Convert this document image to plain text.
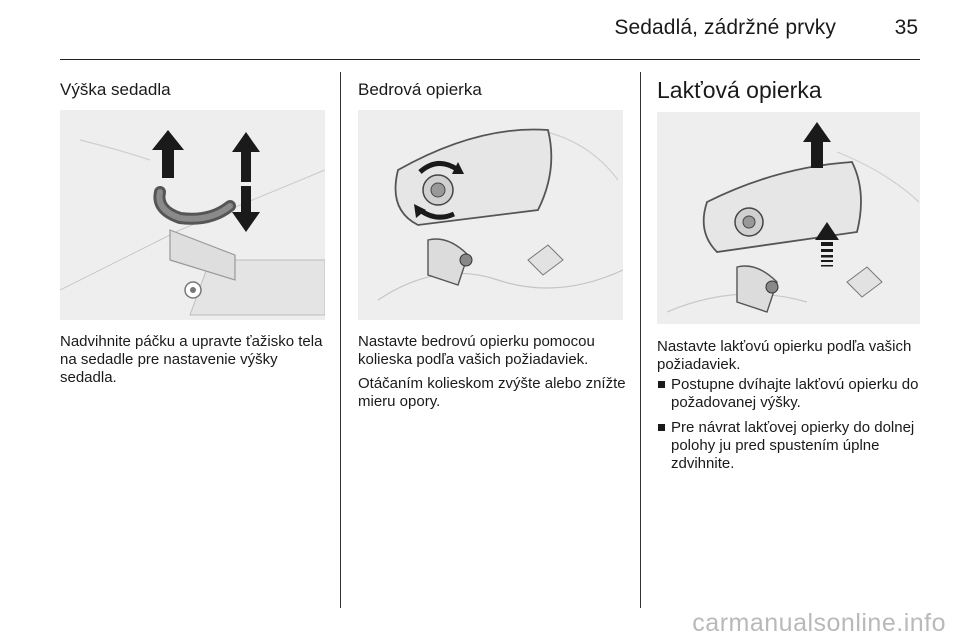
Sedadlá, zádržné prvky	35
Výška sedadla

Nadvihnite páčku a upravte ťažisko tela na sedadle pre nastavenie výšky sedadla.

Bedrová opierka

Nastavte bedrovú opierku pomocou kolieska podľa vašich požiadaviek.

Otáčaním kolieskom zvýšte alebo znížte mieru opory.

Lakťová opierka

Nastavte lakťovú opierku podľa vašich požiadaviek.

Postupne dvíhajte lakťovú opierku do požadovanej výšky.
Pre návrat lakťovej opierky do dolnej polohy ju pred spustením úplne zdvihnite.
carmanualsonline.info
